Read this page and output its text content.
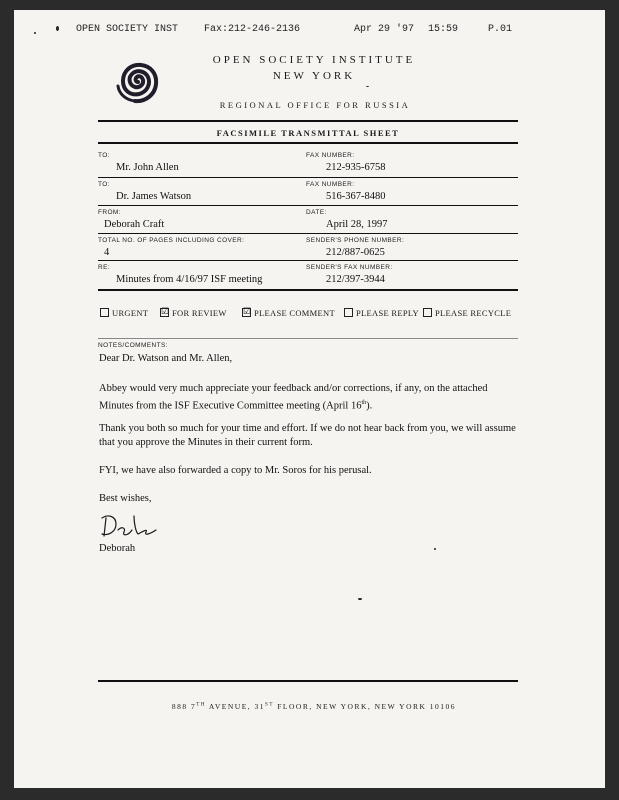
OPEN SOCIETY INST

	Fax:212-246-2136

	Apr 29 '97

15:59

	P.01

OPEN SOCIETY INSTITUTE
NEW YORK
REGIONAL OFFICE FOR RUSSIA
FACSIMILE TRANSMITTAL SHEET
TO:
Mr. John Allen
FAX NUMBER:
212-935-6758
TO:
Dr. James Watson
FAX NUMBER:
516-367-8480
FROM:
Deborah Craft
DATE:
April 28, 1997
TOTAL NO. OF PAGES INCLUDING COVER:
4
SENDER'S PHONE NUMBER:
212/887-0625
RE:
Minutes from 4/16/97 ISF meeting
SENDER'S FAX NUMBER:
212/397-3944
URGENT ☑ FOR REVIEW ☑ PLEASE COMMENT	PLEASE REPLY	PLEASE RECYCLE
NOTES/COMMENTS:
Dear Dr. Watson and Mr. Allen,
Abbey would very much appreciate your feedback and/or corrections, if any, on the attached Minutes from the ISF Executive Committee meeting (April 16th).
Thank you both so much for your time and effort. If we do not hear back from you, we will assume that you approve the Minutes in their current form.
FYI, we have also forwarded a copy to Mr. Soros for his perusal.
Best wishes,
Deborah
888 7TH AVENUE, 31ST FLOOR, NEW YORK, NEW YORK 10106
